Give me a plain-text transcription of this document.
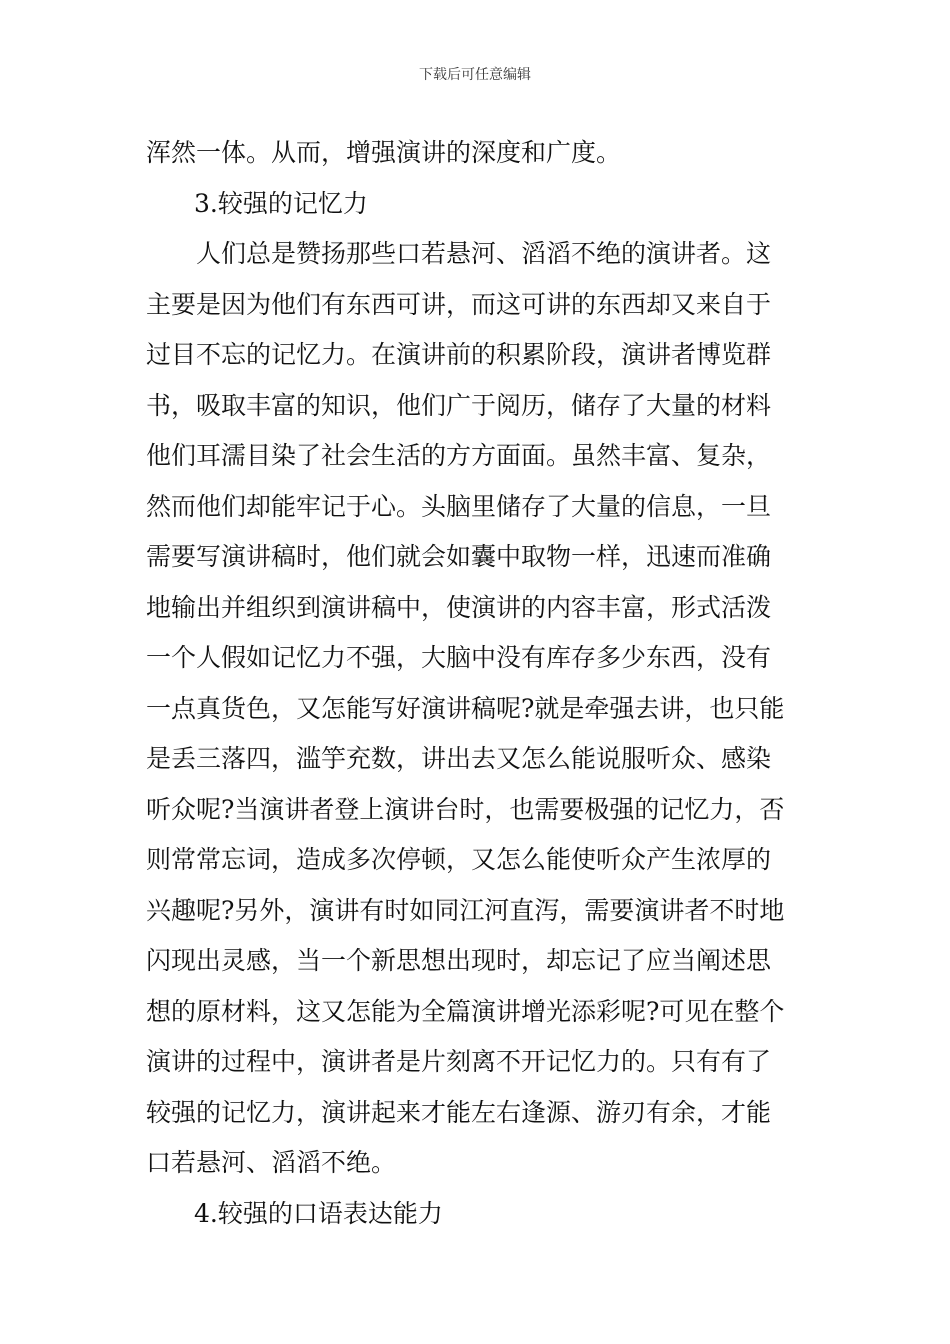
下载后可任意编辑
浑然一体。从而，增强演讲的深度和广度。
3.较强的记忆力
人们总是赞扬那些口若悬河、滔滔不绝的演讲者。这
主要是因为他们有东西可讲，而这可讲的东西却又来自于
过目不忘的记忆力。在演讲前的积累阶段，演讲者博览群
书，吸取丰富的知识，他们广于阅历，储存了大量的材料
他们耳濡目染了社会生活的方方面面。虽然丰富、复杂，
然而他们却能牢记于心。头脑里储存了大量的信息，一旦
需要写演讲稿时，他们就会如囊中取物一样，迅速而准确
地输出并组织到演讲稿中，使演讲的内容丰富，形式活泼
一个人假如记忆力不强，大脑中没有库存多少东西，没有
一点真货色，又怎能写好演讲稿呢?就是牵强去讲，也只能
是丢三落四，滥竽充数，讲出去又怎么能说服听众、感染
听众呢?当演讲者登上演讲台时，也需要极强的记忆力，否
则常常忘词，造成多次停顿，又怎么能使听众产生浓厚的
兴趣呢?另外，演讲有时如同江河直泻，需要演讲者不时地
闪现出灵感，当一个新思想出现时，却忘记了应当阐述思
想的原材料，这又怎能为全篇演讲增光添彩呢?可见在整个
演讲的过程中，演讲者是片刻离不开记忆力的。只有有了
较强的记忆力，演讲起来才能左右逢源、游刃有余，才能
口若悬河、滔滔不绝。
4.较强的口语表达能力
